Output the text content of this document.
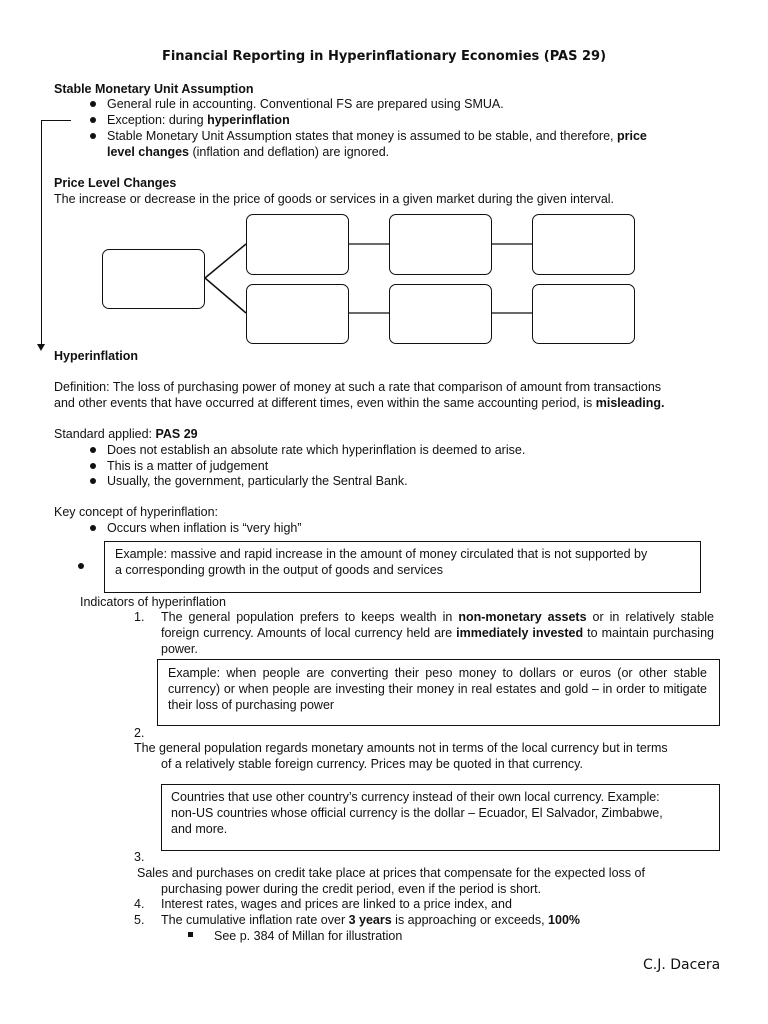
Financial Reporting in Hyperinflationary Economies (PAS 29)
Stable Monetary Unit Assumption
General rule in accounting. Conventional FS are prepared using SMUA.
Exception: during hyperinflation
Stable Monetary Unit Assumption states that money is assumed to be stable, and therefore, price
level changes (inflation and deflation) are ignored.
Price Level Changes
The increase or decrease in the price of goods or services in a given market during the given interval.
Hyperinflation
Definition: The loss of purchasing power of money at such a rate that comparison of amount from transactions
and other events that have occurred at different times, even within the same accounting period, is misleading.
Standard applied: PAS 29
Does not establish an absolute rate which hyperinflation is deemed to arise.
This is a matter of judgement
Usually, the government, particularly the Sentral Bank.
Key concept of hyperinflation:
Occurs when inflation is “very high”
Example: massive and rapid increase in the amount of money circulated that is not supported by
a corresponding growth in the output of goods and services
Indicators of hyperinflation
1. The general population prefers to keeps wealth in non-monetary assets or in relatively stable foreign currency. Amounts of local currency held are immediately invested to maintain purchasing power.
Example: when people are converting their peso money to dollars or euros (or other stable currency) or when people are investing their money in real estates and gold – in order to mitigate their loss of purchasing power
2.
The general population regards monetary amounts not in terms of the local currency but in terms
of a relatively stable foreign currency. Prices may be quoted in that currency.
Countries that use other country’s currency instead of their own local currency. Example:
non-US countries whose official currency is the dollar – Ecuador, El Salvador, Zimbabwe,
and more.
3.
Sales and purchases on credit take place at prices that compensate for the expected loss of
purchasing power during the credit period, even if the period is short.
4. Interest rates, wages and prices are linked to a price index, and
5. The cumulative inflation rate over 3 years is approaching or exceeds, 100%
See p. 384 of Millan for illustration
C.J. Dacera
